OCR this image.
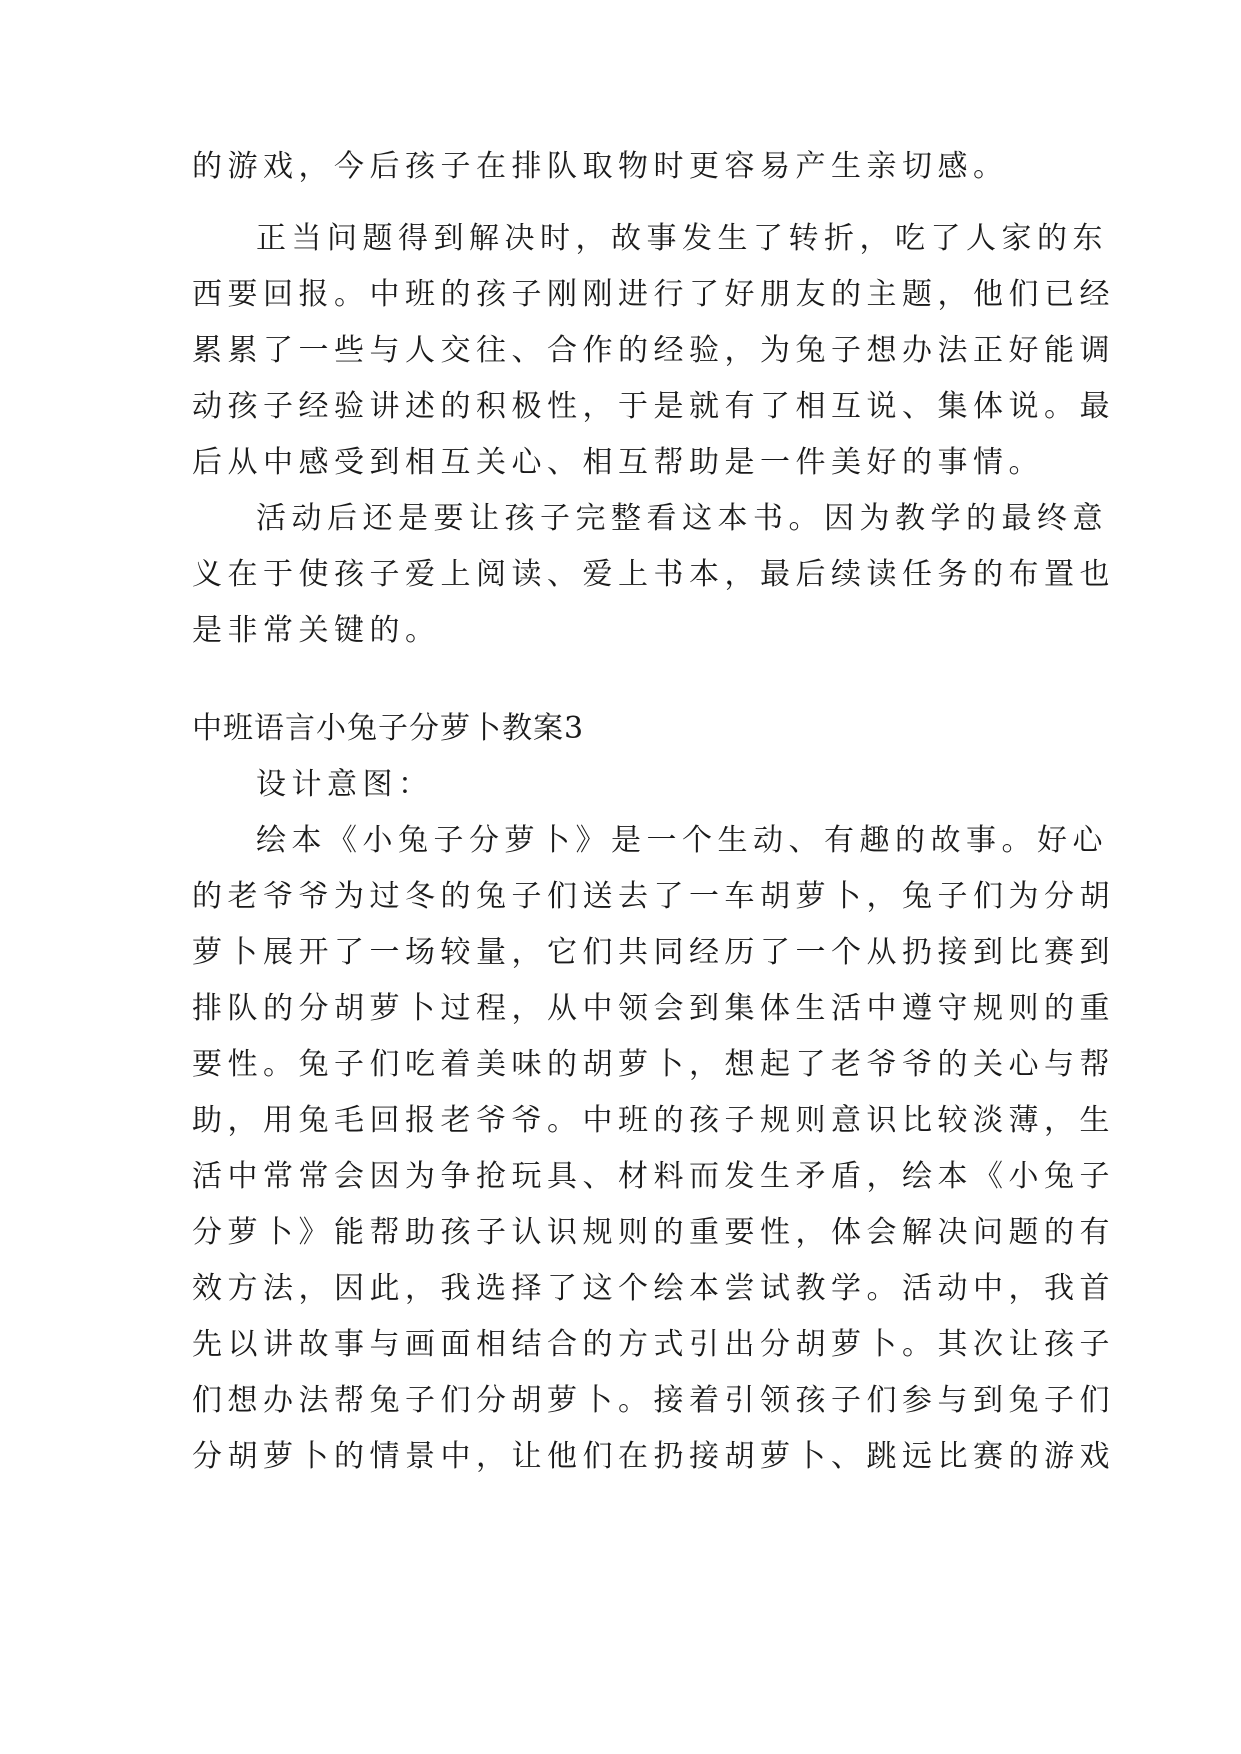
的游戏，今后孩子在排队取物时更容易产生亲切感。
正当问题得到解决时，故事发生了转折，吃了人家的东
西要回报。中班的孩子刚刚进行了好朋友的主题，他们已经
累累了一些与人交往、合作的经验，为兔子想办法正好能调
动孩子经验讲述的积极性，于是就有了相互说、集体说。最
后从中感受到相互关心、相互帮助是一件美好的事情。
活动后还是要让孩子完整看这本书。因为教学的最终意
义在于使孩子爱上阅读、爱上书本，最后续读任务的布置也
是非常关键的。
中班语言小兔子分萝卜教案3
设计意图：
绘本《小兔子分萝卜》是一个生动、有趣的故事。好心
的老爷爷为过冬的兔子们送去了一车胡萝卜，兔子们为分胡
萝卜展开了一场较量，它们共同经历了一个从扔接到比赛到
排队的分胡萝卜过程，从中领会到集体生活中遵守规则的重
要性。兔子们吃着美味的胡萝卜，想起了老爷爷的关心与帮
助，用兔毛回报老爷爷。中班的孩子规则意识比较淡薄，生
活中常常会因为争抢玩具、材料而发生矛盾，绘本《小兔子
分萝卜》能帮助孩子认识规则的重要性，体会解决问题的有
效方法，因此，我选择了这个绘本尝试教学。活动中，我首
先以讲故事与画面相结合的方式引出分胡萝卜。其次让孩子
们想办法帮兔子们分胡萝卜。接着引领孩子们参与到兔子们
分胡萝卜的情景中，让他们在扔接胡萝卜、跳远比赛的游戏
